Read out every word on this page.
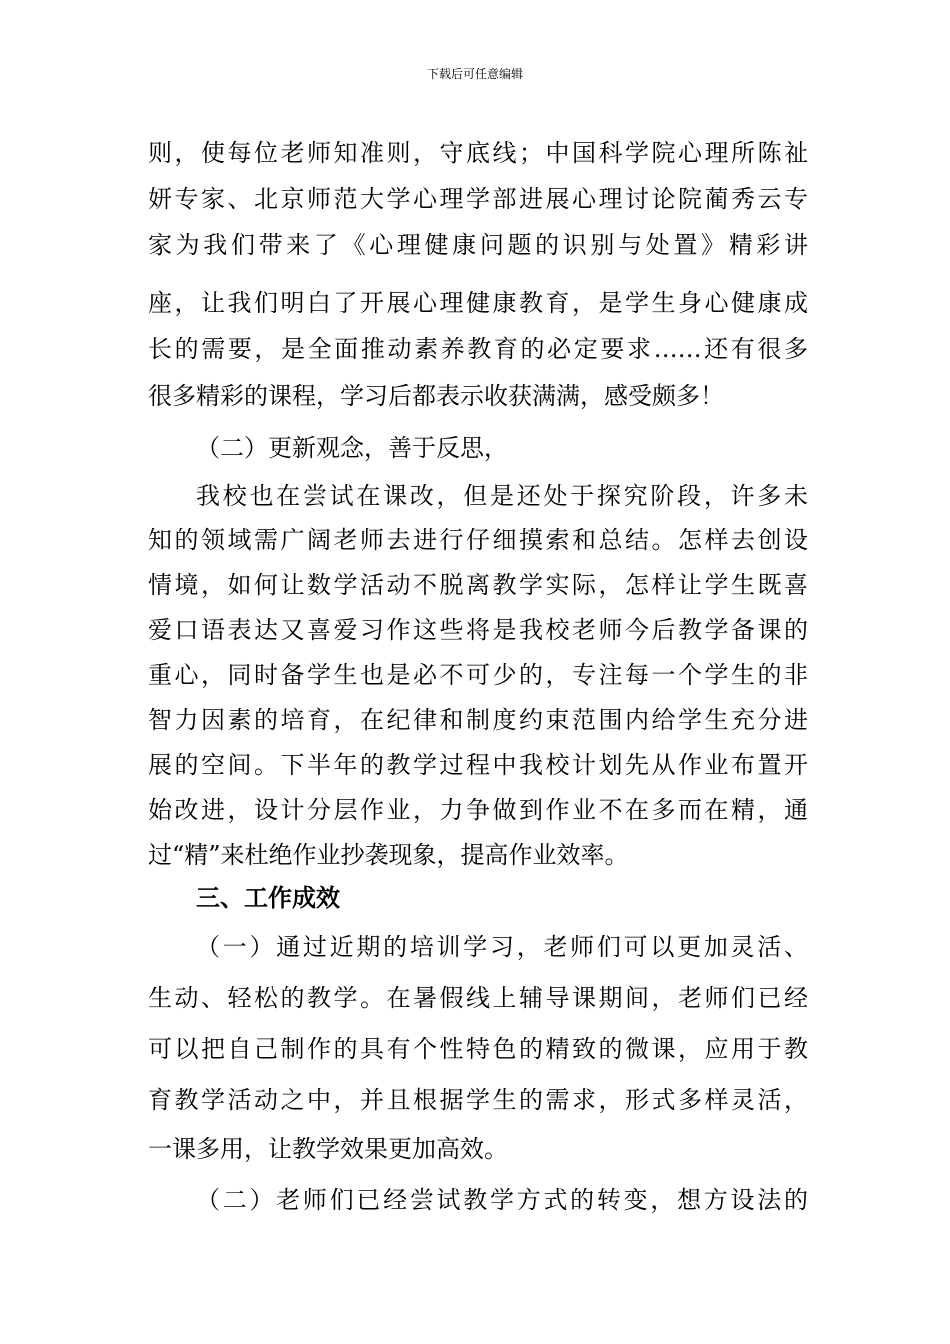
下载后可任意编辑
则，使每位老师知准则，守底线；中国科学院心理所陈祉
妍专家、北京师范大学心理学部进展心理讨论院蔺秀云专
家为我们带来了《心理健康问题的识别与处置》精彩讲
座，让我们明白了开展心理健康教育，是学生身心健康成
长的需要，是全面推动素养教育的必定要求……还有很多
很多精彩的课程，学习后都表示收获满满，感受颇多！
（二）更新观念，善于反思，
我校也在尝试在课改，但是还处于探究阶段，许多未
知的领域需广阔老师去进行仔细摸索和总结。怎样去创设
情境，如何让数学活动不脱离教学实际，怎样让学生既喜
爱口语表达又喜爱习作这些将是我校老师今后教学备课的
重心，同时备学生也是必不可少的，专注每一个学生的非
智力因素的培育，在纪律和制度约束范围内给学生充分进
展的空间。下半年的教学过程中我校计划先从作业布置开
始改进，设计分层作业，力争做到作业不在多而在精，通
过“精”来杜绝作业抄袭现象，提高作业效率。
三、工作成效
（一）通过近期的培训学习，老师们可以更加灵活、
生动、轻松的教学。在暑假线上辅导课期间，老师们已经
可以把自己制作的具有个性特色的精致的微课，应用于教
育教学活动之中，并且根据学生的需求，形式多样灵活，
一课多用，让教学效果更加高效。
（二）老师们已经尝试教学方式的转变，想方设法的
